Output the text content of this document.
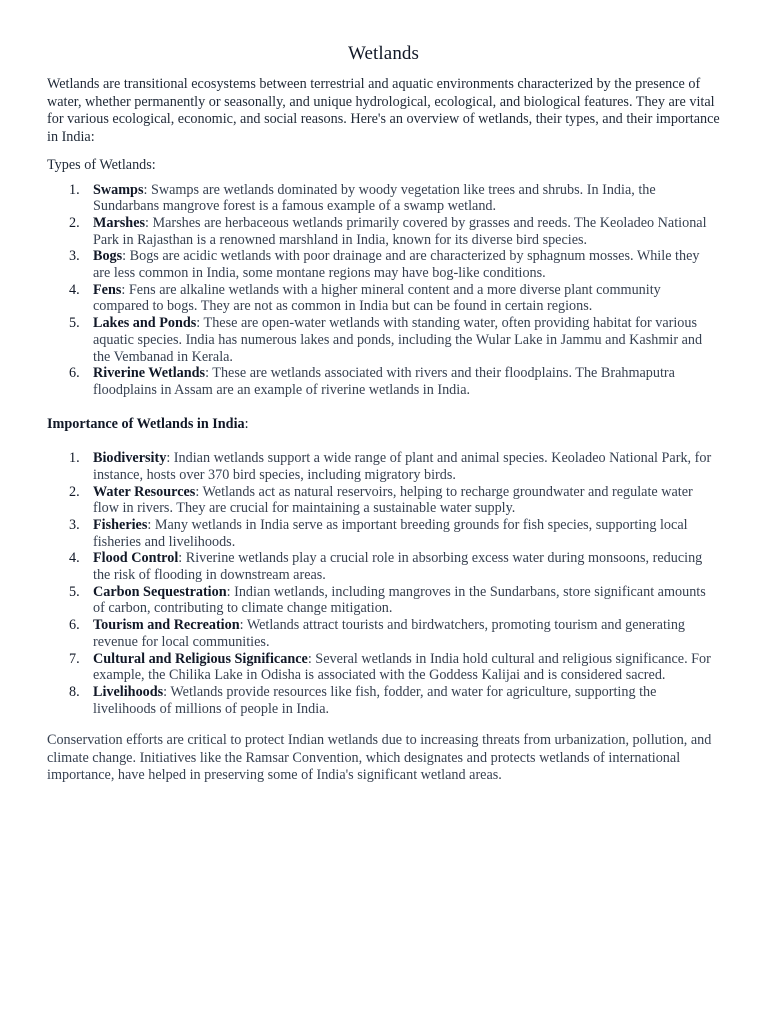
Wetlands

Wetlands are transitional ecosystems between terrestrial and aquatic environments characterized by the presence of water, whether permanently or seasonally, and unique hydrological, ecological, and biological features. They are vital for various ecological, economic, and social reasons. Here's an overview of wetlands, their types, and their importance in India:

Types of Wetlands:

1. Swamps: Swamps are wetlands dominated by woody vegetation like trees and shrubs. In India, the Sundarbans mangrove forest is a famous example of a swamp wetland.
2. Marshes: Marshes are herbaceous wetlands primarily covered by grasses and reeds. The Keoladeo National Park in Rajasthan is a renowned marshland in India, known for its diverse bird species.
3. Bogs: Bogs are acidic wetlands with poor drainage and are characterized by sphagnum mosses. While they are less common in India, some montane regions may have bog-like conditions.
4. Fens: Fens are alkaline wetlands with a higher mineral content and a more diverse plant community compared to bogs. They are not as common in India but can be found in certain regions.
5. Lakes and Ponds: These are open-water wetlands with standing water, often providing habitat for various aquatic species. India has numerous lakes and ponds, including the Wular Lake in Jammu and Kashmir and the Vembanad in Kerala.
6. Riverine Wetlands: These are wetlands associated with rivers and their floodplains. The Brahmaputra floodplains in Assam are an example of riverine wetlands in India.

Importance of Wetlands in India:

1. Biodiversity: Indian wetlands support a wide range of plant and animal species. Keoladeo National Park, for instance, hosts over 370 bird species, including migratory birds.
2. Water Resources: Wetlands act as natural reservoirs, helping to recharge groundwater and regulate water flow in rivers. They are crucial for maintaining a sustainable water supply.
3. Fisheries: Many wetlands in India serve as important breeding grounds for fish species, supporting local fisheries and livelihoods.
4. Flood Control: Riverine wetlands play a crucial role in absorbing excess water during monsoons, reducing the risk of flooding in downstream areas.
5. Carbon Sequestration: Indian wetlands, including mangroves in the Sundarbans, store significant amounts of carbon, contributing to climate change mitigation.
6. Tourism and Recreation: Wetlands attract tourists and birdwatchers, promoting tourism and generating revenue for local communities.
7. Cultural and Religious Significance: Several wetlands in India hold cultural and religious significance. For example, the Chilika Lake in Odisha is associated with the Goddess Kalijai and is considered sacred.
8. Livelihoods: Wetlands provide resources like fish, fodder, and water for agriculture, supporting the livelihoods of millions of people in India.

Conservation efforts are critical to protect Indian wetlands due to increasing threats from urbanization, pollution, and climate change. Initiatives like the Ramsar Convention, which designates and protects wetlands of international importance, have helped in preserving some of India's significant wetland areas.
